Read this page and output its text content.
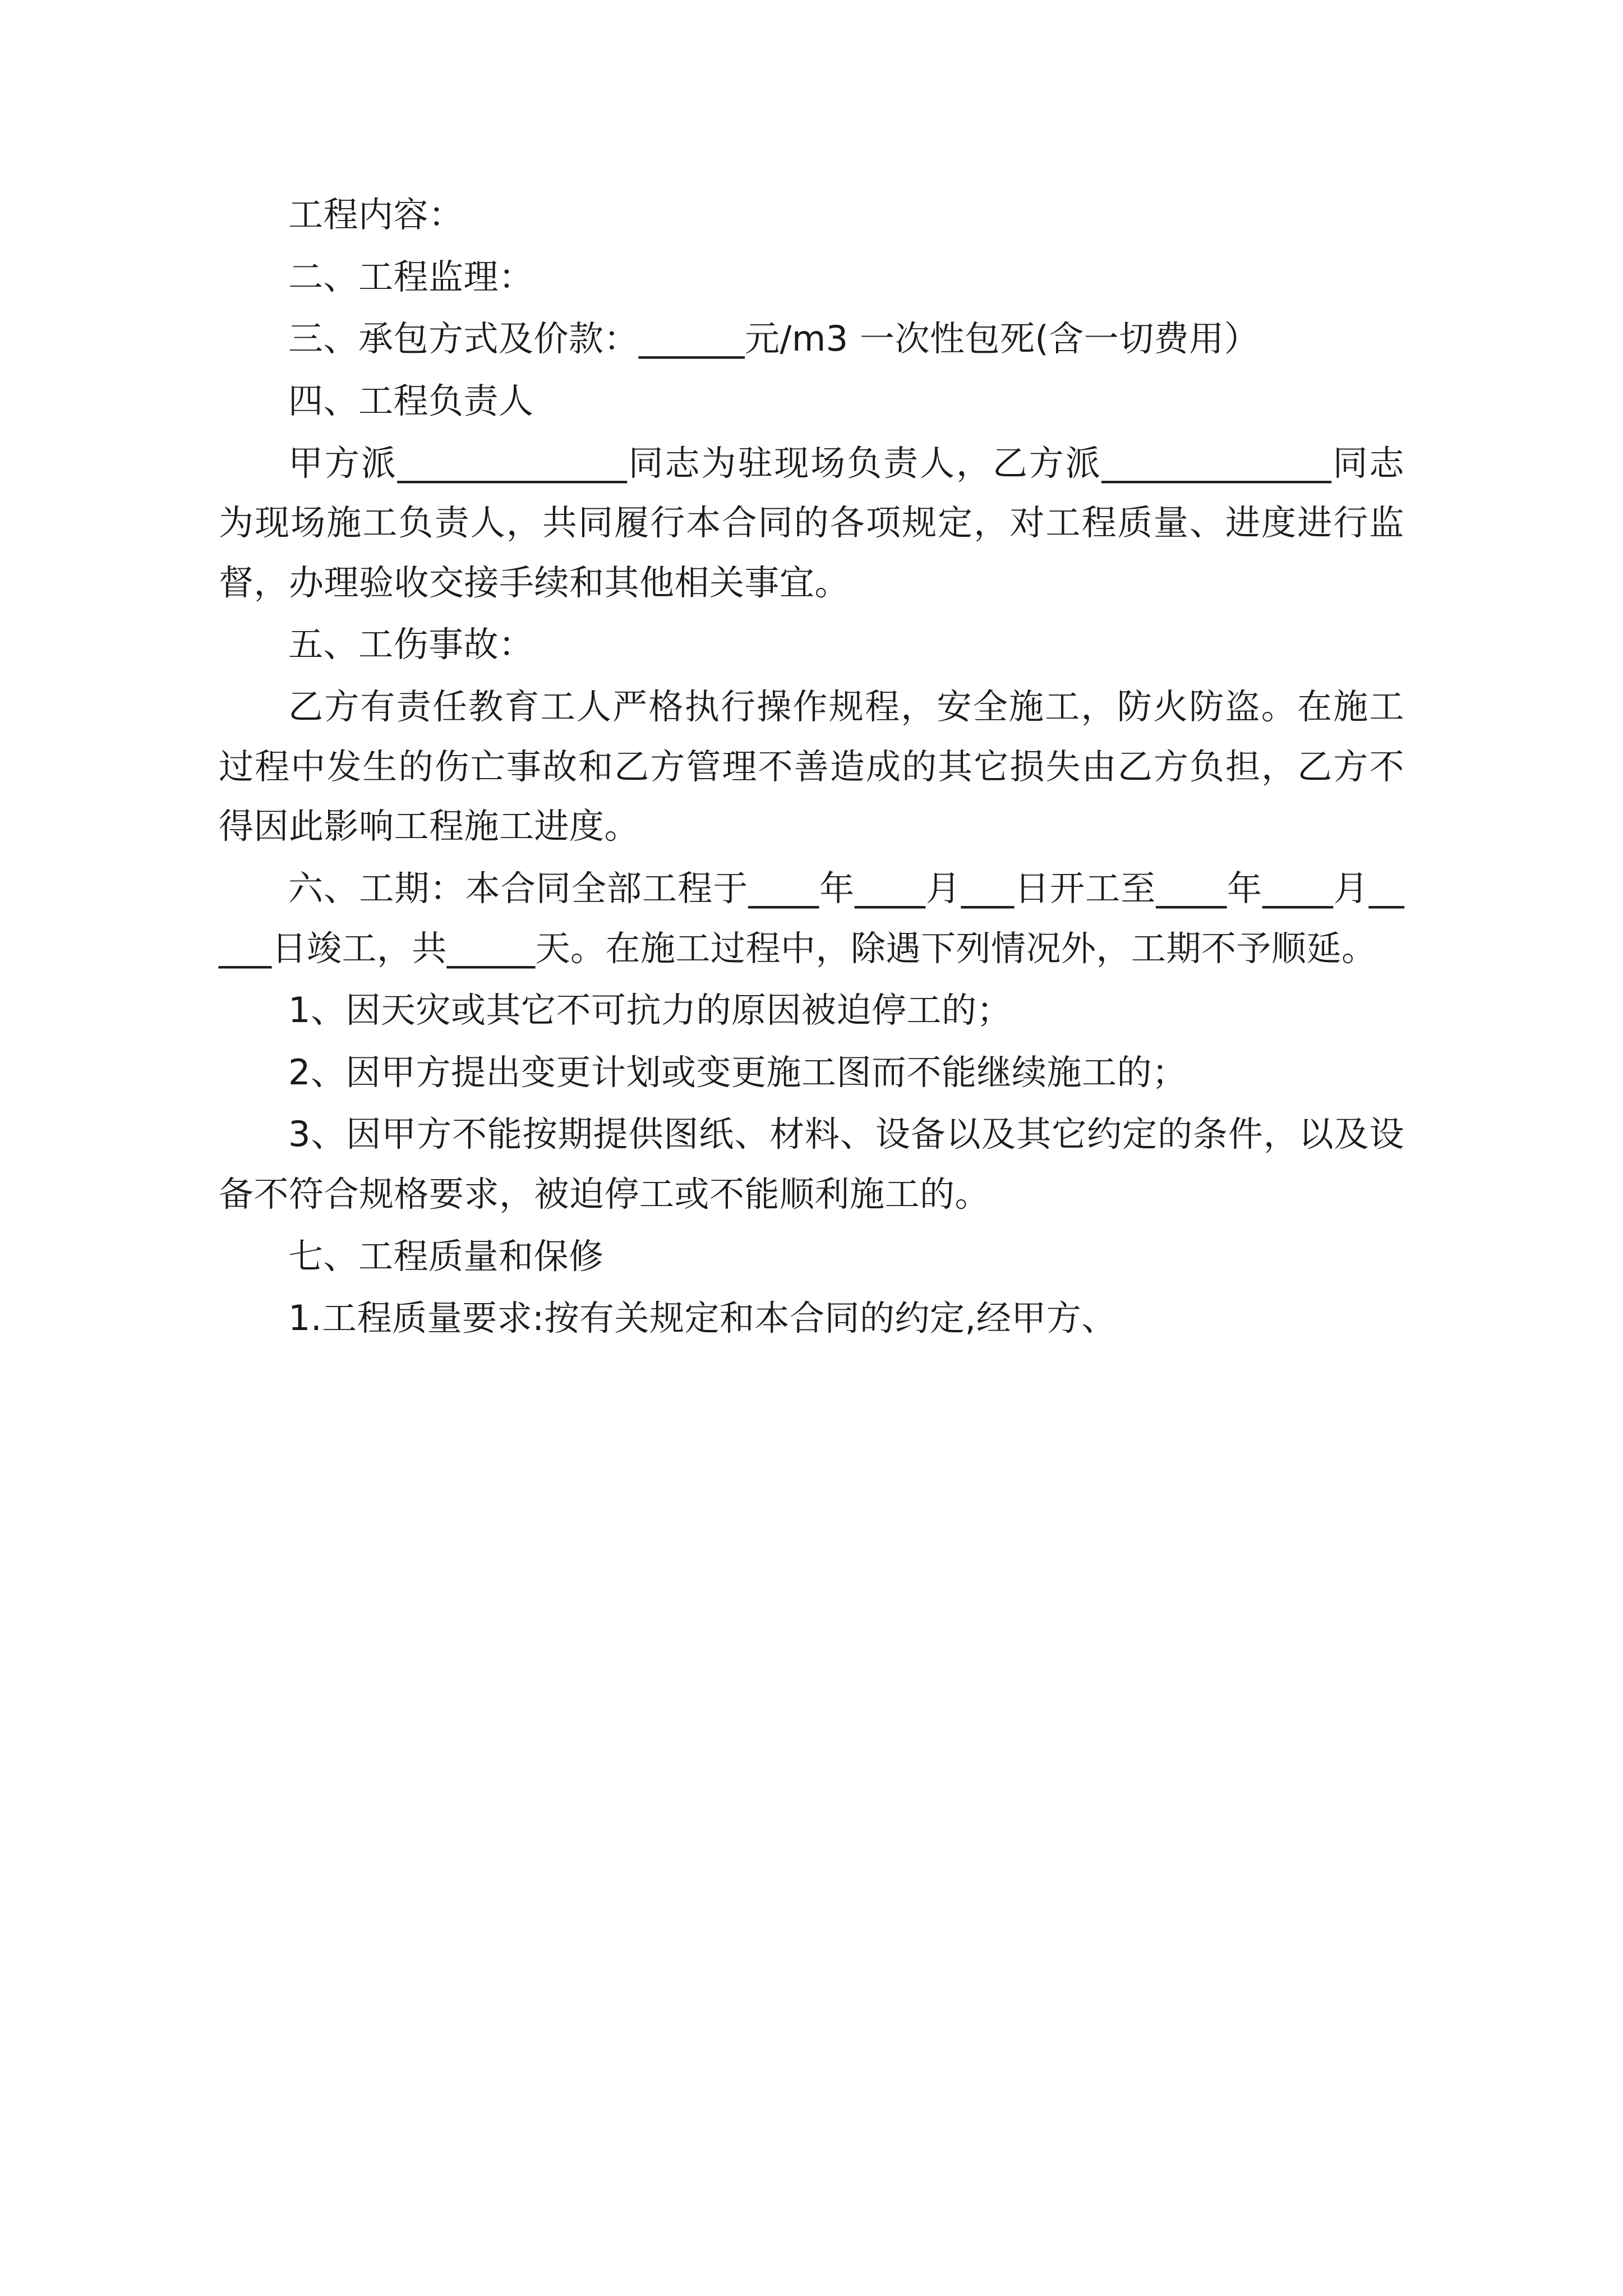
工程内容：

二、工程监理：

三、承包方式及价款：______元/m3 一次性包死(含一切费用）

四、工程负责人

甲方派_____________同志为驻现场负责人，乙方派_____________同志为现场施工负责人，共同履行本合同的各项规定，对工程质量、进度进行监督，办理验收交接手续和其他相关事宜。

五、工伤事故：

乙方有责任教育工人严格执行操作规程，安全施工，防火防盗。在施工过程中发生的伤亡事故和乙方管理不善造成的其它损失由乙方负担，乙方不得因此影响工程施工进度。

六、工期：本合同全部工程于____年____月___日开工至____年____月_____日竣工，共_____天。在施工过程中，除遇下列情况外，工期不予顺延。

1、因天灾或其它不可抗力的原因被迫停工的；

2、因甲方提出变更计划或变更施工图而不能继续施工的；

3、因甲方不能按期提供图纸、材料、设备以及其它约定的条件，以及设备不符合规格要求，被迫停工或不能顺利施工的。

七、工程质量和保修

1.工程质量要求:按有关规定和本合同的约定,经甲方、
